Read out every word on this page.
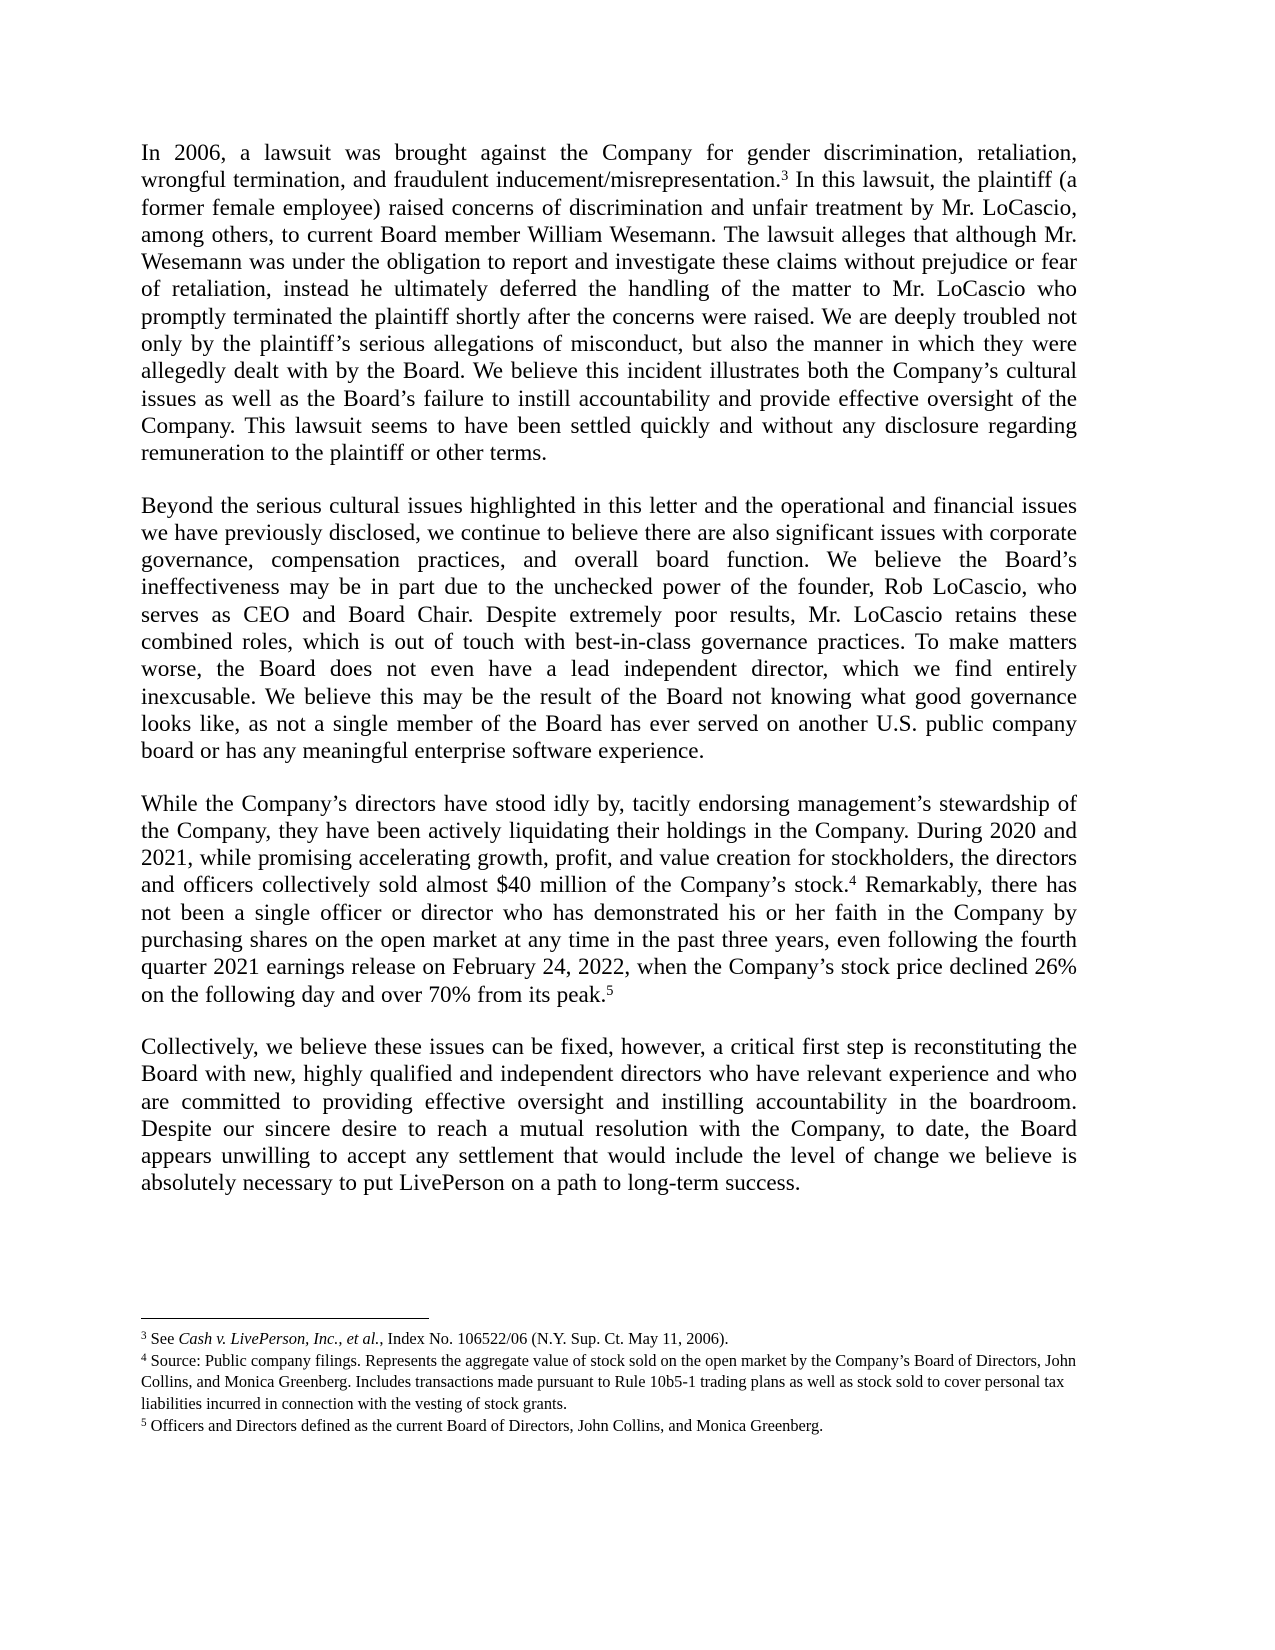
In 2006, a lawsuit was brought against the Company for gender discrimination, retaliation, wrongful termination, and fraudulent inducement/misrepresentation.$^3$ In this lawsuit, the plaintiff (a former female employee) raised concerns of discrimination and unfair treatment by Mr. LoCascio, among others, to current Board member William Wesemann. The lawsuit alleges that although Mr. Wesemann was under the obligation to report and investigate these claims without prejudice or fear of retaliation, instead he ultimately deferred the handling of the matter to Mr. LoCascio who promptly terminated the plaintiff shortly after the concerns were raised. We are deeply troubled not only by the plaintiff’s serious allegations of misconduct, but also the manner in which they were allegedly dealt with by the Board. We believe this incident illustrates both the Company’s cultural issues as well as the Board’s failure to instill accountability and provide effective oversight of the Company. This lawsuit seems to have been settled quickly and without any disclosure regarding remuneration to the plaintiff or other terms.

Beyond the serious cultural issues highlighted in this letter and the operational and financial issues we have previously disclosed, we continue to believe there are also significant issues with corporate governance, compensation practices, and overall board function. We believe the Board’s ineffectiveness may be in part due to the unchecked power of the founder, Rob LoCascio, who serves as CEO and Board Chair. Despite extremely poor results, Mr. LoCascio retains these combined roles, which is out of touch with best-in-class governance practices. To make matters worse, the Board does not even have a lead independent director, which we find entirely inexcusable. We believe this may be the result of the Board not knowing what good governance looks like, as not a single member of the Board has ever served on another U.S. public company board or has any meaningful enterprise software experience.

While the Company’s directors have stood idly by, tacitly endorsing management’s stewardship of the Company, they have been actively liquidating their holdings in the Company. During 2020 and 2021, while promising accelerating growth, profit, and value creation for stockholders, the directors and officers collectively sold almost $40 million of the Company’s stock.$^4$ Remarkably, there has not been a single officer or director who has demonstrated his or her faith in the Company by purchasing shares on the open market at any time in the past three years, even following the fourth quarter 2021 earnings release on February 24, 2022, when the Company’s stock price declined 26% on the following day and over 70% from its peak.$^5$

Collectively, we believe these issues can be fixed, however, a critical first step is reconstituting the Board with new, highly qualified and independent directors who have relevant experience and who are committed to providing effective oversight and instilling accountability in the boardroom. Despite our sincere desire to reach a mutual resolution with the Company, to date, the Board appears unwilling to accept any settlement that would include the level of change we believe is absolutely necessary to put LivePerson on a path to long-term success.

$^3$ See Cash v. LivePerson, Inc., et al., Index No. 106522/06 (N.Y. Sup. Ct. May 11, 2006).

$^4$ Source: Public company filings. Represents the aggregate value of stock sold on the open market by the Company’s Board of Directors, John Collins, and Monica Greenberg. Includes transactions made pursuant to Rule 10b5-1 trading plans as well as stock sold to cover personal tax liabilities incurred in connection with the vesting of stock grants.

$^5$ Officers and Directors defined as the current Board of Directors, John Collins, and Monica Greenberg.
